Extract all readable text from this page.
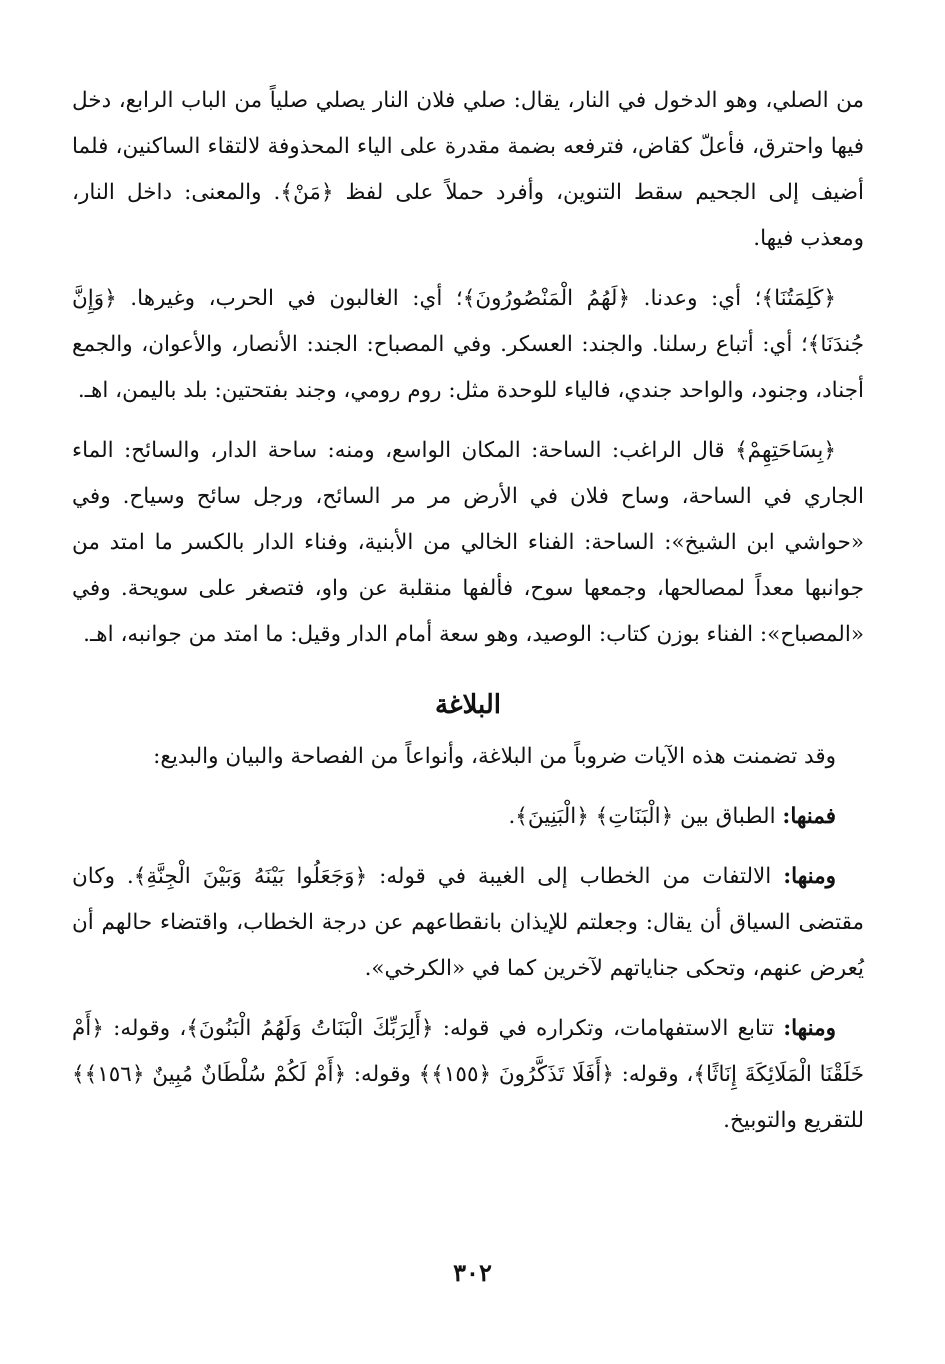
من الصلي، وهو الدخول في النار، يقال: صلي فلان النار يصلي صلياً من الباب الرابع، دخل فيها واحترق، فأعلّ كقاض، فترفعه بضمة مقدرة على الياء المحذوفة لالتقاء الساكنين، فلما أضيف إلى الجحيم سقط التنوين، وأفرد حملاً على لفظ ﴿مَنْ﴾. والمعنى: داخل النار، ومعذب فيها.

﴿كَلِمَتُنَا﴾؛ أي: وعدنا. ﴿لَهُمُ الْمَنْصُورُونَ﴾؛ أي: الغالبون في الحرب، وغيرها. ﴿وَإِنَّ جُندَنَا﴾؛ أي: أتباع رسلنا. والجند: العسكر. وفي المصباح: الجند: الأنصار، والأعوان، والجمع أجناد، وجنود، والواحد جندي، فالياء للوحدة مثل: روم رومي، وجند بفتحتين: بلد باليمن، اهـ.

﴿بِسَاحَتِهِمْ﴾ قال الراغب: الساحة: المكان الواسع، ومنه: ساحة الدار، والسائح: الماء الجاري في الساحة، وساح فلان في الأرض مر مر السائح، ورجل سائح وسياح. وفي «حواشي ابن الشيخ»: الساحة: الفناء الخالي من الأبنية، وفناء الدار بالكسر ما امتد من جوانبها معداً لمصالحها، وجمعها سوح، فألفها منقلبة عن واو، فتصغر على سويحة. وفي «المصباح»: الفناء بوزن كتاب: الوصيد، وهو سعة أمام الدار وقيل: ما امتد من جوانبه، اهـ.

البلاغة

وقد تضمنت هذه الآيات ضروباً من البلاغة، وأنواعاً من الفصاحة والبيان والبديع:

فمنها: الطباق بين ﴿الْبَنَاتِ﴾ ﴿الْبَنِينَ﴾.

ومنها: الالتفات من الخطاب إلى الغيبة في قوله: ﴿وَجَعَلُوا بَيْنَهُ وَبَيْنَ الْجِنَّةِ﴾. وكان مقتضى السياق أن يقال: وجعلتم للإيذان بانقطاعهم عن درجة الخطاب، واقتضاء حالهم أن يُعرض عنهم، وتحكى جناياتهم لآخرين كما في «الكرخي».

ومنها: تتابع الاستفهامات، وتكراره في قوله: ﴿أَلِرَبِّكَ الْبَنَاتُ وَلَهُمُ الْبَنُونَ﴾، وقوله: ﴿أَمْ خَلَقْنَا الْمَلَائِكَةَ إِنَاثًا﴾، وقوله: ﴿أَفَلَا تَذَكَّرُونَ ﴿١٥٥﴾﴾ وقوله: ﴿أَمْ لَكُمْ سُلْطَانٌ مُبِينٌ ﴿١٥٦﴾﴾ للتقريع والتوبيخ.

٣٠٢
